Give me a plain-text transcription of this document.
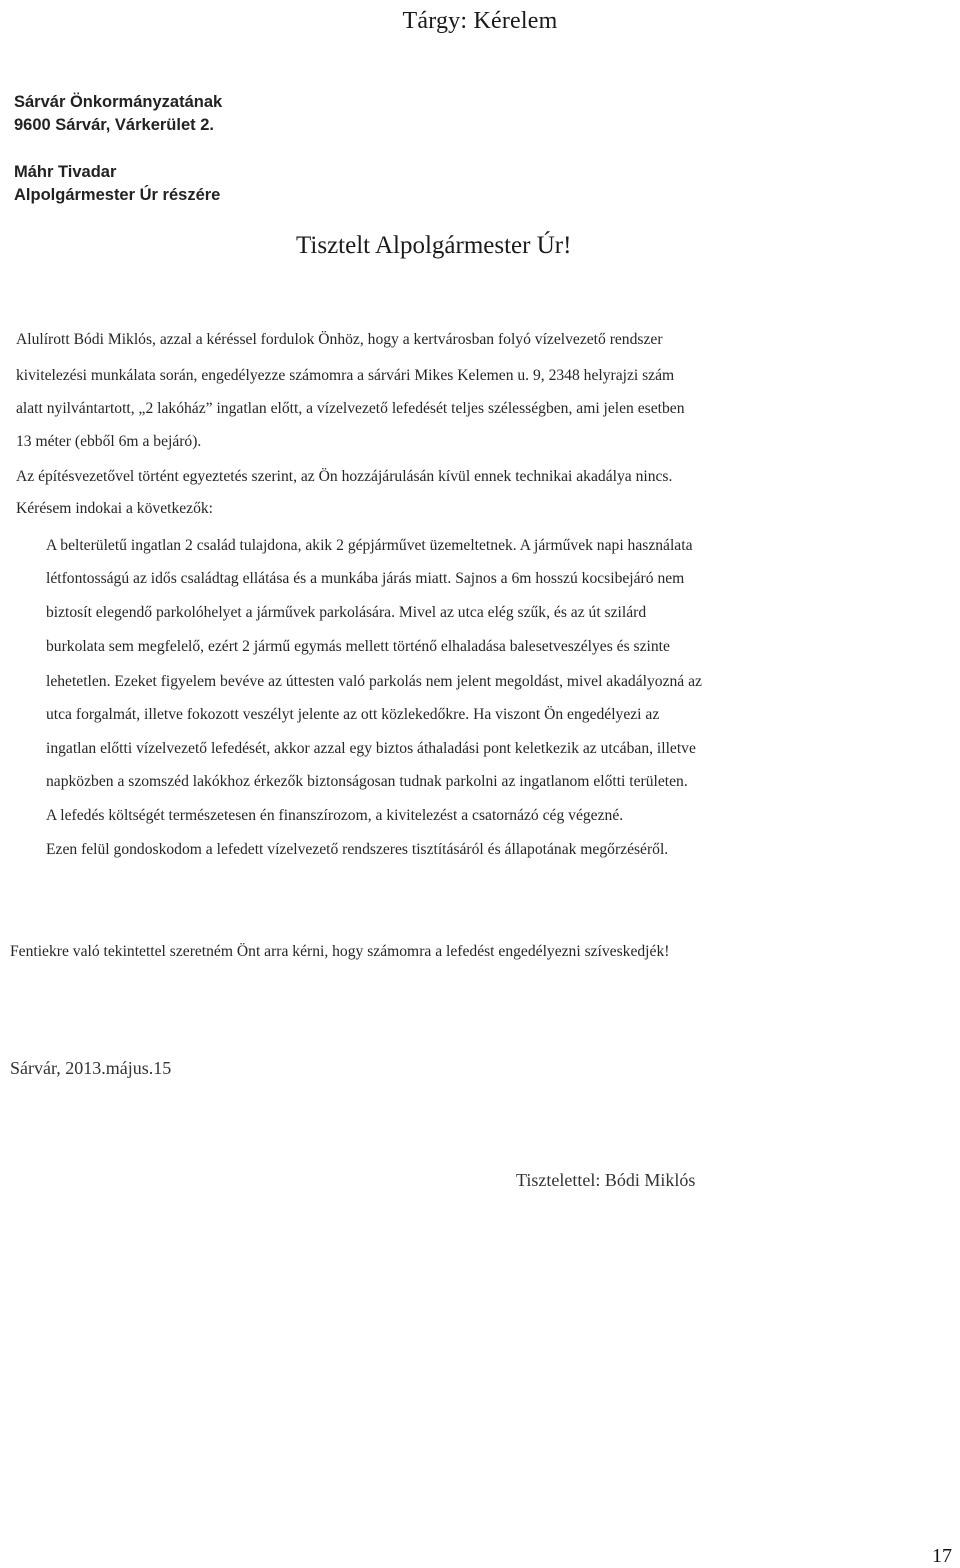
Tárgy: Kérelem
Sárvár Önkormányzatának
9600 Sárvár, Várkerület 2.
Máhr Tivadar
Alpolgármester Úr részére
Tisztelt Alpolgármester Úr!
Alulírott Bódi Miklós, azzal a kéréssel fordulok Önhöz, hogy a kertvárosban folyó vízelvezető rendszer
kivitelezési munkálata során, engedélyezze számomra a sárvári Mikes Kelemen u. 9, 2348 helyrajzi szám
alatt nyilvántartott, „2 lakóház” ingatlan előtt, a vízelvezető lefedését teljes szélességben, ami jelen esetben
13 méter (ebből 6m a bejáró).
Az építésvezetővel történt egyeztetés szerint, az Ön hozzájárulásán kívül ennek technikai akadálya nincs.
Kérésem indokai a következők:
A belterületű ingatlan 2 család tulajdona, akik 2 gépjárművet üzemeltetnek. A járművek napi használata
létfontosságú az idős családtag ellátása és a munkába járás miatt. Sajnos a 6m hosszú kocsibejáró nem
biztosít elegendő parkolóhelyet a járművek parkolására. Mivel az utca elég szűk, és az út szilárd
burkolata sem megfelelő, ezért 2 jármű egymás mellett történő elhaladása balesetveszélyes és szinte
lehetetlen. Ezeket figyelem bevéve az úttesten való parkolás nem jelent megoldást, mivel akadályozná az
utca forgalmát, illetve fokozott veszélyt jelente az ott közlekedőkre. Ha viszont Ön engedélyezi az
ingatlan előtti vízelvezető lefedését, akkor azzal egy biztos áthaladási pont keletkezik az utcában, illetve
napközben a szomszéd lakókhoz érkezők biztonságosan tudnak parkolni az ingatlanom előtti területen.
A lefedés költségét természetesen én finanszírozom, a kivitelezést a csatornázó cég végezné.
Ezen felül gondoskodom a lefedett vízelvezető rendszeres tisztításáról és állapotának megőrzéséről.
Fentiekre való tekintettel szeretném Önt arra kérni, hogy számomra a lefedést engedélyezni szíveskedjék!
Sárvár, 2013.május.15
Tisztelettel: Bódi Miklós
17
